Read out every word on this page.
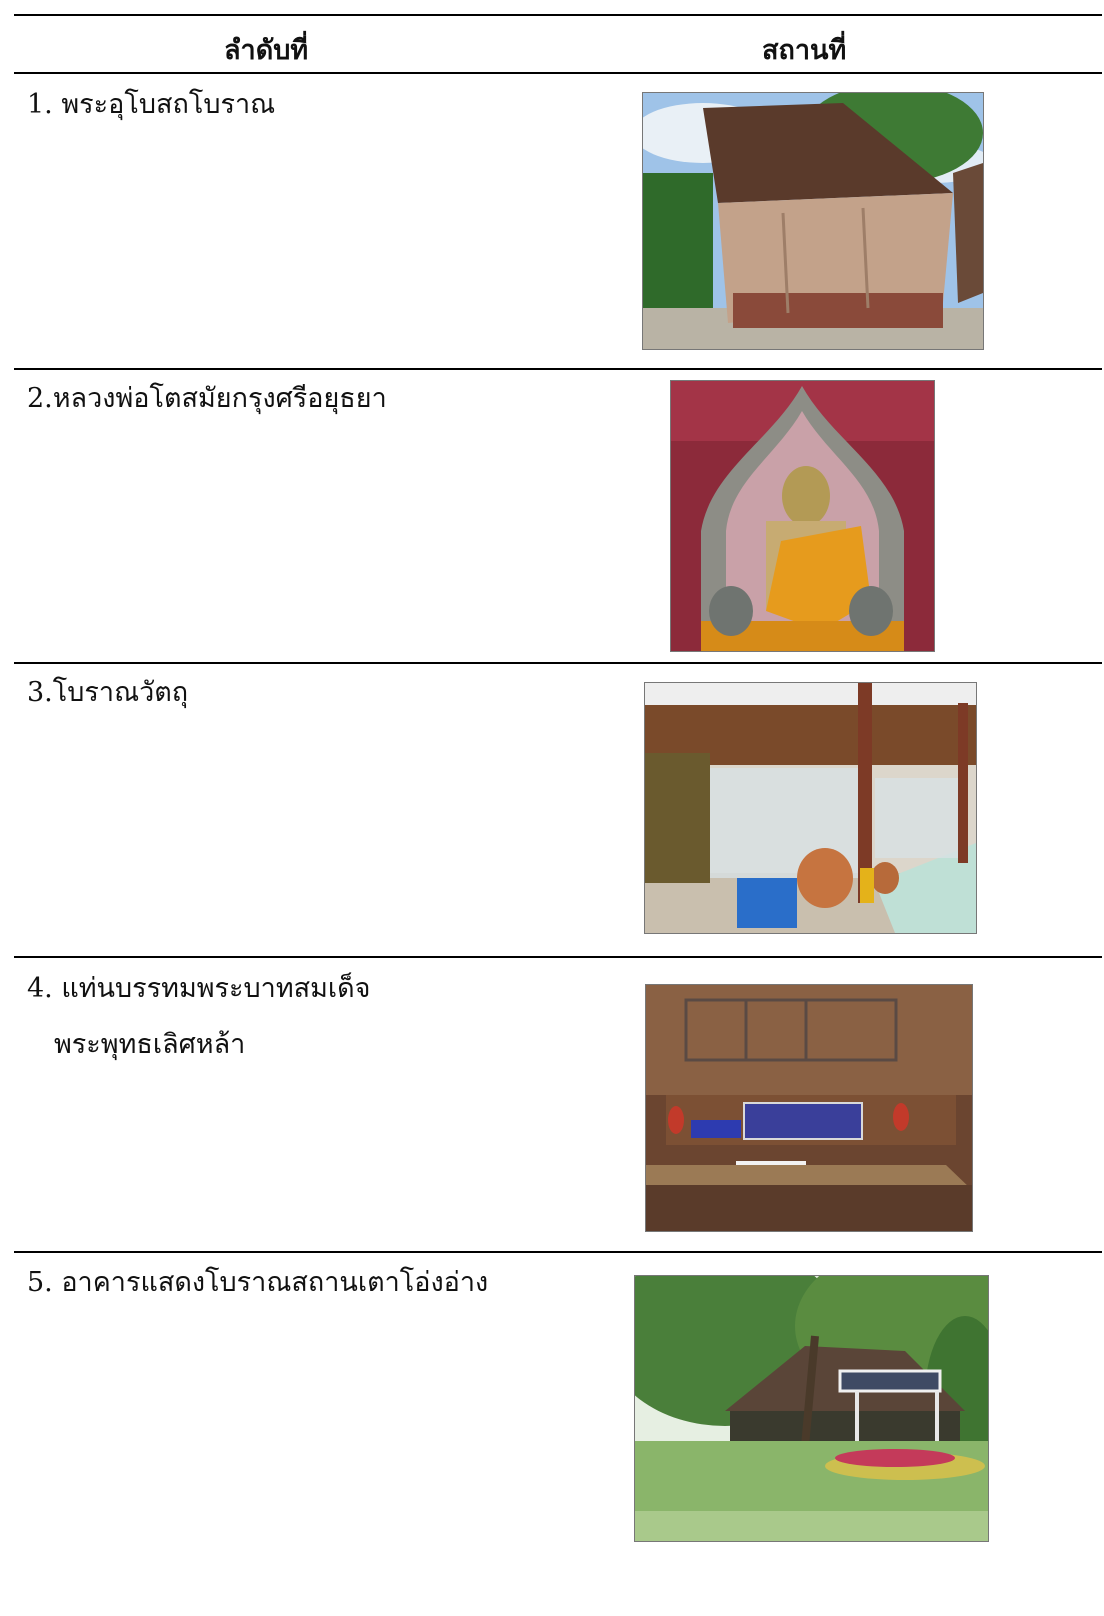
ลำดับที่	สถานที่
1. พระอุโบสถโบราณ
2.หลวงพ่อโตสมัยกรุงศรีอยุธยา
3.โบราณวัตถุ
4. แท่นบรรทมพระบาทสมเด็จ
พระพุทธเลิศหล้า
5. อาคารแสดงโบราณสถานเตาโอ่งอ่าง
